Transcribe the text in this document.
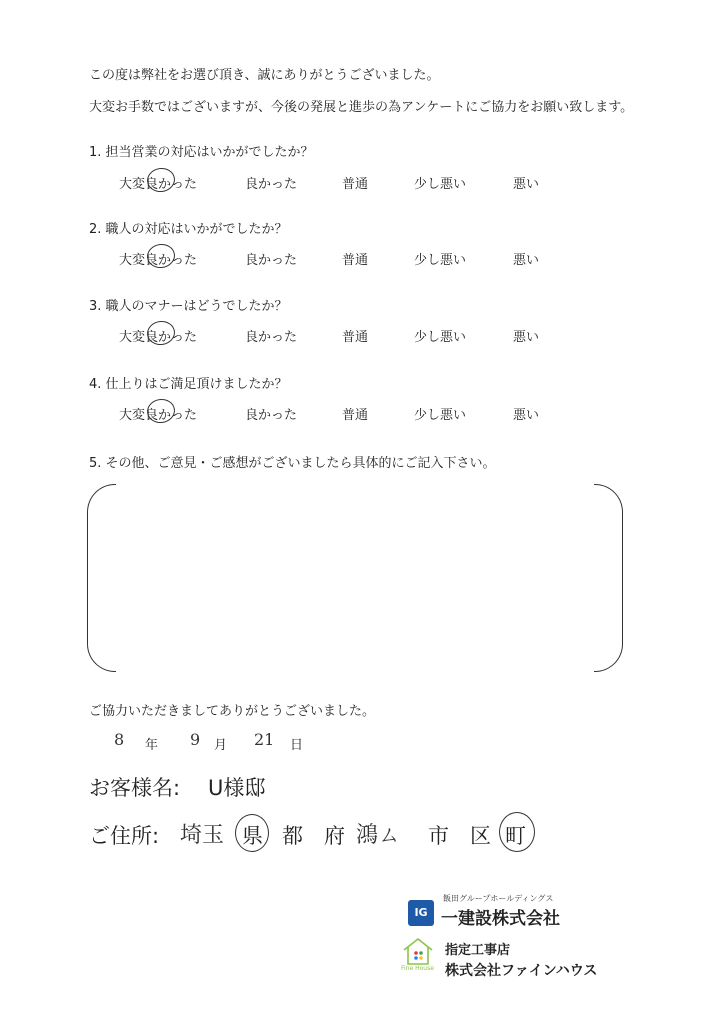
この度は弊社をお選び頂き、誠にありがとうございました。
大変お手数ではございますが、今後の発展と進歩の為アンケートにご協力をお願い致します。
1. 担当営業の対応はいかがでしたか？
大変良かった	良かった	普通	少し悪い	悪い
2. 職人の対応はいかがでしたか？
大変良かった	良かった	普通	少し悪い	悪い
3. 職人のマナーはどうでしたか？
大変良かった	良かった	普通	少し悪い	悪い
4. 仕上りはご満足頂けましたか？
大変良かった	良かった	普通	少し悪い	悪い
5. その他、ご意見・ご感想がございましたら具体的にご記入下さい。
ご協力いただきましてありがとうございました。
8 年 9 月 21 日
お客様名: U様邸
ご住所: 埼玉 県 都 府 鴻ㄙ 市 区 町
IG
飯田グループホールディングス
一建設株式会社
Fine House
指定工事店
株式会社ファインハウス
